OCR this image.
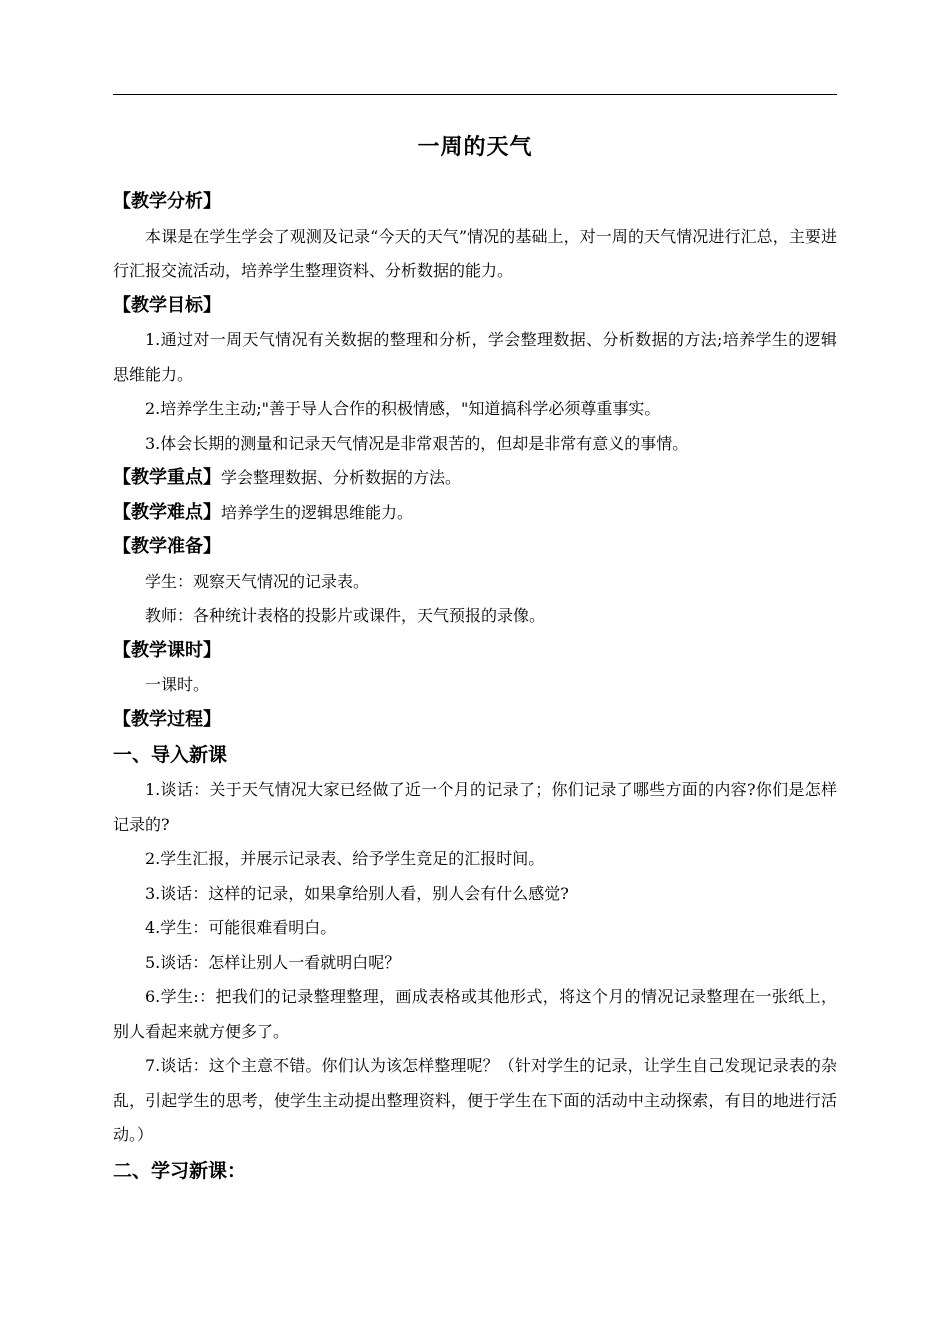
一周的天气

【教学分析】

本课是在学生学会了观测及记录“今天的天气”情况的基础上，对一周的天气情况进行汇总，主要进行汇报交流活动，培养学生整理资料、分析数据的能力。

【教学目标】

1.通过对一周天气情况有关数据的整理和分析，学会整理数据、分析数据的方法;培养学生的逻辑思维能力。

2.培养学生主动;"善于导人合作的积极情感，"知道搞科学必须尊重事实。

3.体会长期的测量和记录天气情况是非常艰苦的，但却是非常有意义的事情。

【教学重点】学会整理数据、分析数据的方法。

【教学难点】培养学生的逻辑思维能力。

【教学准备】

学生：观察天气情况的记录表。

教师：各种统计表格的投影片或课件，天气预报的录像。

【教学课时】

一课时。

【教学过程】

一、导入新课

1.谈话：关于天气情况大家已经做了近一个月的记录了；你们记录了哪些方面的内容?你们是怎样记录的?

2.学生汇报，并展示记录表、给予学生竞足的汇报时间。

3.谈话：这样的记录，如果拿给别人看，别人会有什么感觉?

4.学生：可能很难看明白。

5.谈话：怎样让别人一看就明白呢？

6.学生:：把我们的记录整理整理，画成表格或其他形式，将这个月的情况记录整理在一张纸上，别人看起来就方便多了。

7.谈话：这个主意不错。你们认为该怎样整理呢？（针对学生的记录，让学生自己发现记录表的杂乱，引起学生的思考，使学生主动提出整理资料，便于学生在下面的活动中主动探索，有目的地进行活动。）

二、学习新课：
